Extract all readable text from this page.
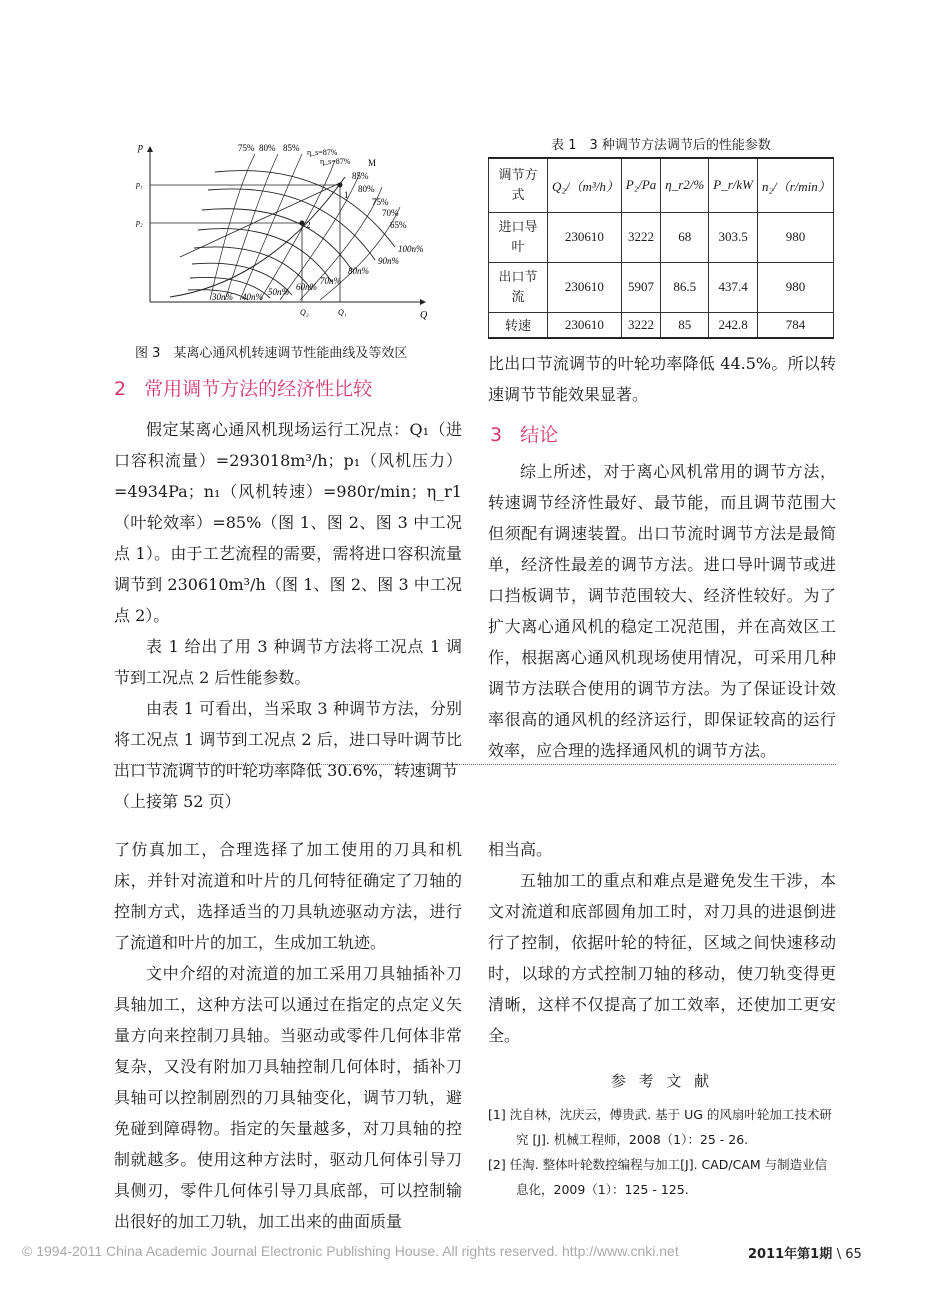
p
Q
p₁
p₂
Q₂	Q₁
1
2
M
75% 80% 85% η_s=87%
η_s=87%
85%
80%
75%
70%
65%
100n%
90n%
80n%
70n%
60n%
50n%
40n%
30n%
图 3　某离心通风机转速调节性能曲线及等效区
表 1　3 种调节方法调节后的性能参数
调节方式	Q₂/（m³/h）	P₂/Pa	η_r2/%	P_r/kW	n₂/（r/min）
进口导叶	230610	3222	68	303.5	980
出口节流	230610	5907	86.5	437.4	980
转速	230610	3222	85	242.8	784
2 常用调节方法的经济性比较

假定某离心通风机现场运行工况点：Q₁（进口容积流量）=293018m³/h；p₁（风机压力）=4934Pa；n₁（风机转速）=980r/min；η_r1（叶轮效率）=85%（图 1、图 2、图 3 中工况点 1）。由于工艺流程的需要，需将进口容积流量调节到 230610m³/h（图 1、图 2、图 3 中工况点 2）。

表 1 给出了用 3 种调节方法将工况点 1 调节到工况点 2 后性能参数。

由表 1 可看出，当采取 3 种调节方法，分别将工况点 1 调节到工况点 2 后，进口导叶调节比出口节流调节的叶轮功率降低 30.6%，转速调节

比出口节流调节的叶轮功率降低 44.5%。所以转速调节节能效果显著。

3 结论

综上所述，对于离心风机常用的调节方法，转速调节经济性最好、最节能，而且调节范围大但须配有调速装置。出口节流时调节方法是最简单，经济性最差的调节方法。进口导叶调节或进口挡板调节，调节范围较大、经济性较好。为了扩大离心通风机的稳定工况范围，并在高效区工作，根据离心通风机现场使用情况，可采用几种调节方法联合使用的调节方法。为了保证设计效率很高的通风机的经济运行，即保证较高的运行效率，应合理的选择通风机的调节方法。

（上接第 52 页）

了仿真加工，合理选择了加工使用的刀具和机床，并针对流道和叶片的几何特征确定了刀轴的控制方式，选择适当的刀具轨迹驱动方法，进行了流道和叶片的加工，生成加工轨迹。

文中介绍的对流道的加工采用刀具轴插补刀具轴加工，这种方法可以通过在指定的点定义矢量方向来控制刀具轴。当驱动或零件几何体非常复杂，又没有附加刀具轴控制几何体时，插补刀具轴可以控制剧烈的刀具轴变化，调节刀轨，避免碰到障碍物。指定的矢量越多，对刀具轴的控制就越多。使用这种方法时，驱动几何体引导刀具侧刃，零件几何体引导刀具底部，可以控制输出很好的加工刀轨，加工出来的曲面质量

相当高。

五轴加工的重点和难点是避免发生干涉，本文对流道和底部圆角加工时，对刀具的进退倒进行了控制，依据叶轮的特征，区域之间快速移动时，以球的方式控制刀轴的移动，使刀轨变得更清晰，这样不仅提高了加工效率，还使加工更安全。

参 考 文 献
[1] 沈自林，沈庆云，傅贵武. 基于 UG 的风扇叶轮加工技术研究 [J]. 机械工程师，2008（1）：25 - 26.
[2] 任淘. 整体叶轮数控编程与加工[J]. CAD/CAM 与制造业信息化，2009（1）：125 - 125.
© 1994-2011 China Academic Journal Electronic Publishing House. All rights reserved. http://www.cnki.net	2011年第1期 \ 65
